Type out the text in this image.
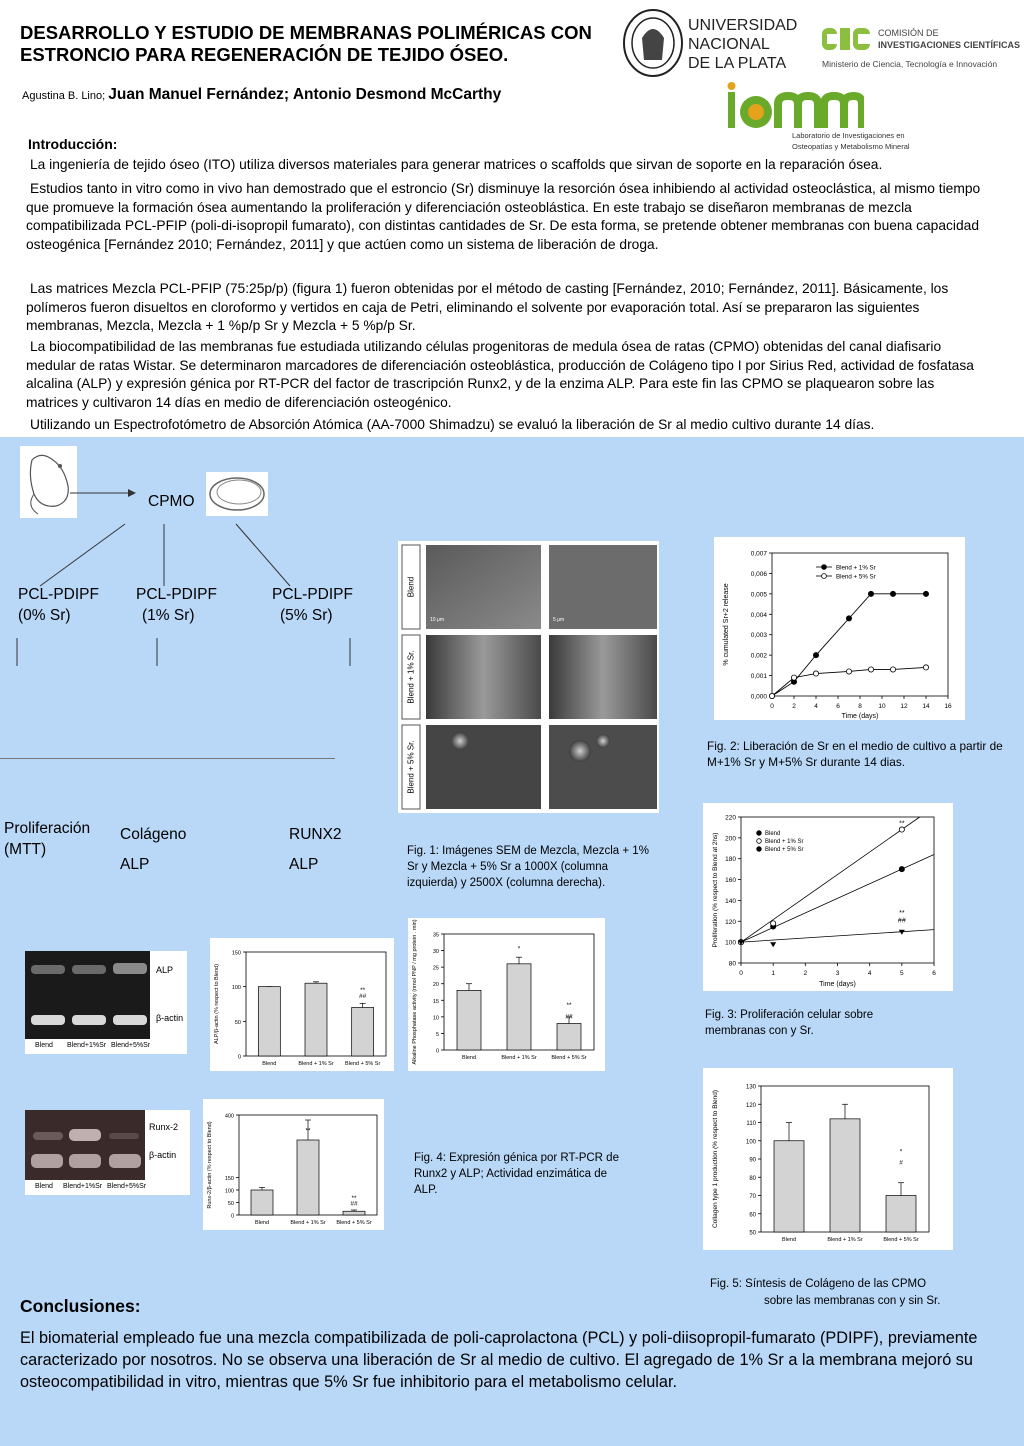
DESARROLLO Y ESTUDIO DE MEMBRANAS POLIMÉRICAS CON ESTRONCIO PARA REGENERACIÓN DE TEJIDO ÓSEO.
Agustina B. Lino; Juan Manuel Fernández; Antonio Desmond McCarthy
UNIVERSIDAD
NACIONAL
DE LA PLATA
COMISIÓN DE
INVESTIGACIONES CIENTÍFICAS
Ministerio de Ciencia, Tecnología e Innovación
Laboratorio de Investigaciones en
Osteopatías y Metabolismo Mineral
Introducción:
La ingeniería de tejido óseo (ITO) utiliza diversos materiales para generar matrices o scaffolds que sirvan de soporte en la reparación ósea.
Estudios tanto in vitro como in vivo han demostrado que el estroncio (Sr) disminuye la resorción ósea inhibiendo al actividad osteoclástica, al mismo tiempo que promueve la formación ósea aumentando la proliferación y diferenciación osteoblástica. En este trabajo se diseñaron membranas de mezcla compatibilizada PCL-PFIP (poli-di-isopropil fumarato), con distintas cantidades de Sr. De esta forma, se pretende obtener membranas con buena capacidad osteogénica [Fernández 2010; Fernández, 2011] y que actúen como un sistema de liberación de droga.
Las matrices Mezcla PCL-PFIP (75:25p/p) (figura 1) fueron obtenidas por el método de casting [Fernández, 2010; Fernández, 2011]. Básicamente, los polímeros fueron disueltos en cloroformo y vertidos en caja de Petri, eliminando el solvente por evaporación total. Así se prepararon las siguientes membranas, Mezcla, Mezcla + 1 %p/p Sr y Mezcla + 5 %p/p Sr.
La biocompatibilidad de las membranas fue estudiada utilizando células progenitoras de medula ósea de ratas (CPMO) obtenidas del canal diafisario medular de ratas Wistar. Se determinaron marcadores de diferenciación osteoblástica, producción de Colágeno tipo I por Sirius Red, actividad de fosfatasa alcalina (ALP) y expresión génica por RT-PCR del factor de trascripción Runx2, y de la enzima ALP. Para este fin las CPMO se plaquearon sobre las matrices y cultivaron 14 días en medio de diferenciación osteogénico.
Utilizando un Espectrofotómetro de Absorción Atómica (AA-7000 Shimadzu) se evaluó la liberación de Sr al medio cultivo durante 14 días.
CPMO
PCL-PDIPF
(0% Sr)
PCL-PDIPF
(1% Sr)
PCL-PDIPF
(5% Sr)
Proliferación
(MTT)
Colágeno
ALP
RUNX2
ALP
Blend
Blend + 1% Sr.
Blend + 5% Sr.
10 μm	5 μm
Fig. 1: Imágenes SEM de Mezcla, Mezcla + 1% Sr y Mezcla + 5% Sr a 1000X (columna izquierda) y 2500X (columna derecha).
0,000
0,001
0,002
0,003
0,004
0,005
0,006
0,007
% cumulated Sr+2 release
0	2	4	6	8	10 12 14 16
Time (days)
Blend + 1% Sr
Blend + 5% Sr
Fig. 2: Liberación de Sr en el medio de cultivo a partir de M+1% Sr y M+5% Sr durante 14 dias.
80
100
120
140
160
180
200
220
Proliferation (% respect to Blend at 2hs)
0	1	2	3	4	5	6
Time (days)
**
**
##
Blend
Blend + 1% Sr
Blend + 5% Sr
Fig. 3: Proliferación celular sobre membranas con y Sr.
ALP
β-actin
Blend Blend+1%Sr Blend+5%Sr
Runx-2
β-actin
Blend Blend+1%Sr Blend+5%Sr
0
50
100
150
ALP/β-actin (% respect to Blend)
Blend	Blend + 1% Sr Blend + 5% Sr
**
##
0
5
10
15
20
25
30
35
Alkaline Phosphatase activity (nmol PNP / mg protein . min)	Blend	Blend + 1% Sr	Blend + 5% Sr
*
**
##
0
50
100
150
400
Runx-2/β-actin (% respect to Blend)
Blend	Blend + 1% Sr Blend + 5% Sr
**
**
##
Fig. 4: Expresión génica por RT-PCR de Runx2 y ALP; Actividad enzimática de ALP.
50
60
70
80
90
100
110
120
130
Collagen type 1 production (% respect to Blend)
Blend	Blend + 1% Sr	Blend + 5% Sr
*
#
Fig. 5: Síntesis de Colágeno de las CPMO
sobre las membranas con y sin Sr.
Conclusiones:
El biomaterial empleado fue una mezcla compatibilizada de poli-caprolactona (PCL) y poli-diisopropil-fumarato (PDIPF), previamente caracterizado por nosotros. No se observa una liberación de Sr al medio de cultivo. El agregado de 1% Sr a la membrana mejoró su osteocompatibilidad in vitro, mientras que 5% Sr fue inhibitorio para el metabolismo celular.
